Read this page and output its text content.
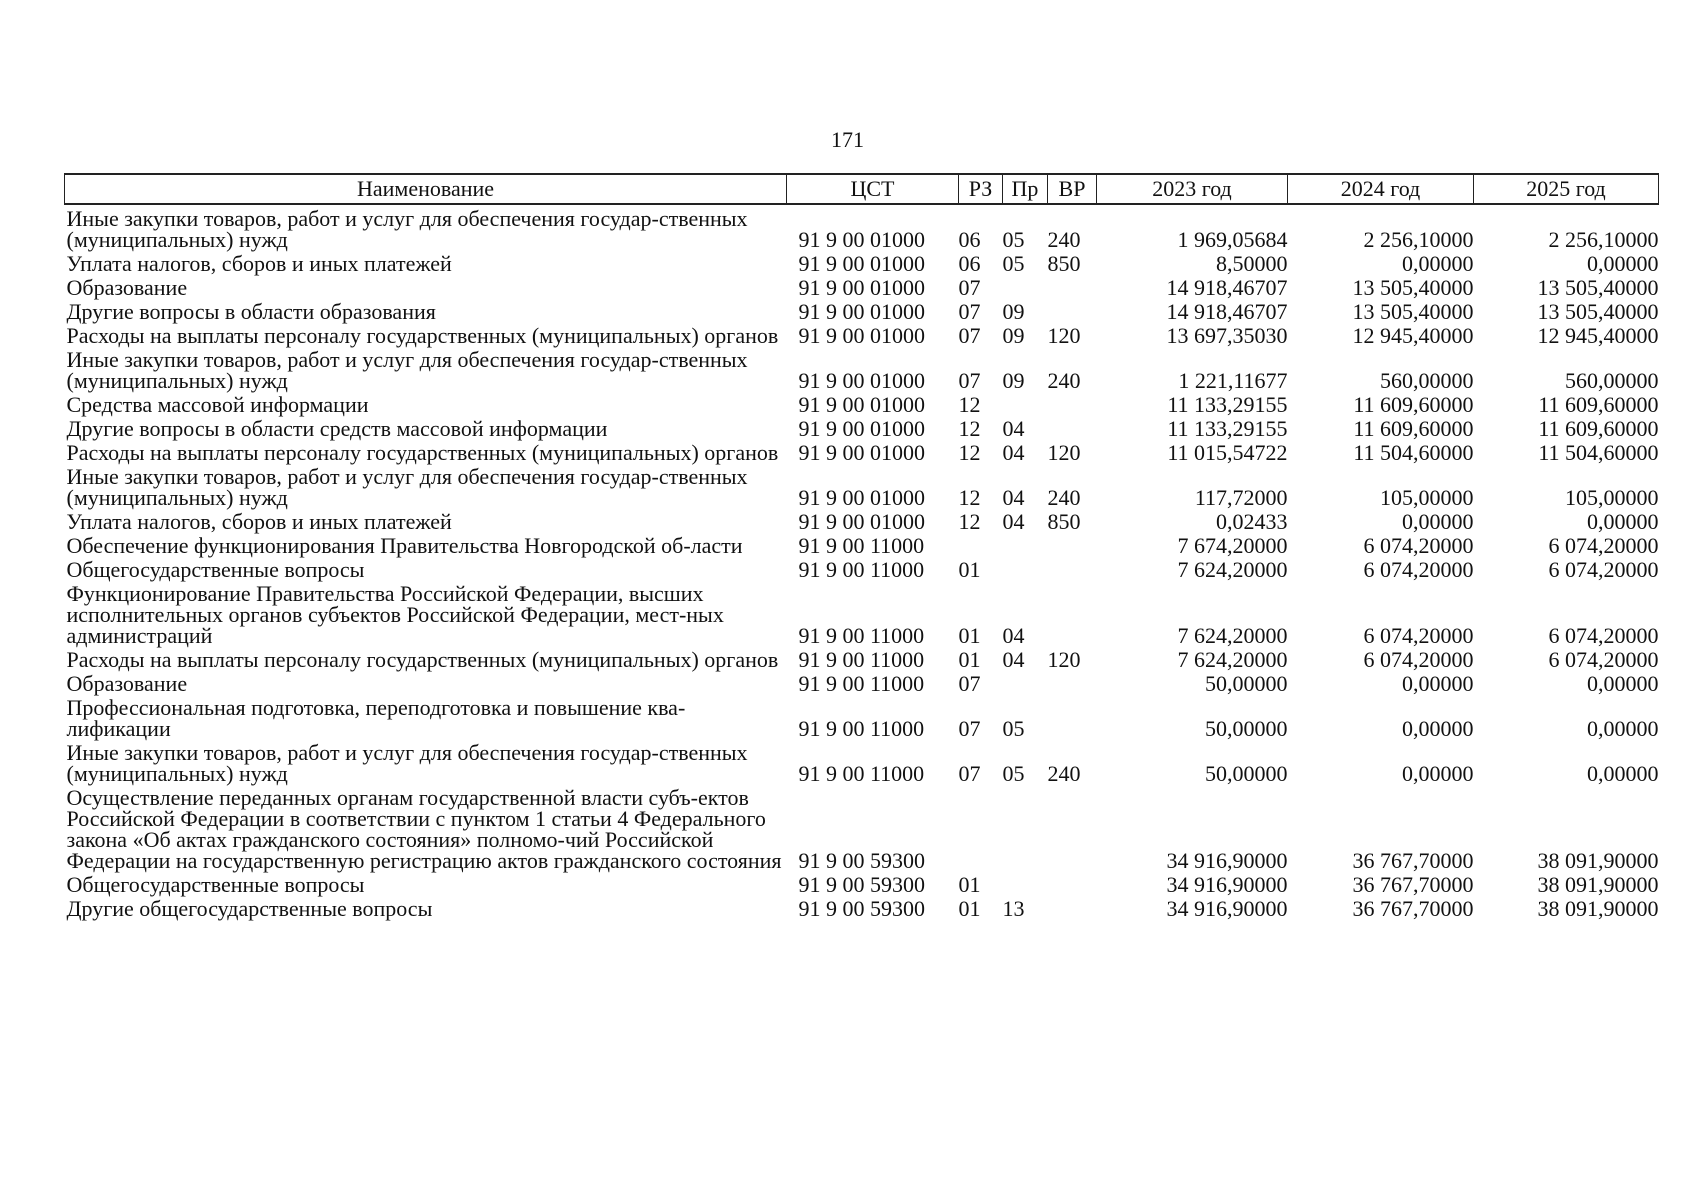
171
Наименование	ЦСТ	РЗ	Пр	ВР	2023 год	2024 год	2025 год
Иные закупки товаров, работ и услуг для обеспечения государ-ственных (муниципальных) нужд	91 9 00 01000	06	05	240	1 969,05684	2 256,10000	2 256,10000
Уплата налогов, сборов и иных платежей	91 9 00 01000	06	05	850	8,50000	0,00000	0,00000
Образование	91 9 00 01000	07			14 918,46707	13 505,40000	13 505,40000
Другие вопросы в области образования	91 9 00 01000	07	09		14 918,46707	13 505,40000	13 505,40000
Расходы на выплаты персоналу государственных (муниципальных) органов	91 9 00 01000	07	09	120	13 697,35030	12 945,40000	12 945,40000
Иные закупки товаров, работ и услуг для обеспечения государ-ственных (муниципальных) нужд	91 9 00 01000	07	09	240	1 221,11677	560,00000	560,00000
Средства массовой информации	91 9 00 01000	12			11 133,29155	11 609,60000	11 609,60000
Другие вопросы в области средств массовой информации	91 9 00 01000	12	04		11 133,29155	11 609,60000	11 609,60000
Расходы на выплаты персоналу государственных (муниципальных) органов	91 9 00 01000	12	04	120	11 015,54722	11 504,60000	11 504,60000
Иные закупки товаров, работ и услуг для обеспечения государ-ственных (муниципальных) нужд	91 9 00 01000	12	04	240	117,72000	105,00000	105,00000
Уплата налогов, сборов и иных платежей	91 9 00 01000	12	04	850	0,02433	0,00000	0,00000
Обеспечение функционирования Правительства Новгородской об-ласти	91 9 00 11000				7 674,20000	6 074,20000	6 074,20000
Общегосударственные вопросы	91 9 00 11000	01			7 624,20000	6 074,20000	6 074,20000
Функционирование Правительства Российской Федерации, высших исполнительных органов субъектов Российской Федерации, мест-ных администраций	91 9 00 11000	01	04		7 624,20000	6 074,20000	6 074,20000
Расходы на выплаты персоналу государственных (муниципальных) органов	91 9 00 11000	01	04	120	7 624,20000	6 074,20000	6 074,20000
Образование	91 9 00 11000	07			50,00000	0,00000	0,00000
Профессиональная подготовка, переподготовка и повышение ква-лификации	91 9 00 11000	07	05		50,00000	0,00000	0,00000
Иные закупки товаров, работ и услуг для обеспечения государ-ственных (муниципальных) нужд	91 9 00 11000	07	05	240	50,00000	0,00000	0,00000
Осуществление переданных органам государственной власти субъ-ектов Российской Федерации в соответствии с пунктом 1 статьи 4 Федерального закона «Об актах гражданского состояния» полномо-чий Российской Федерации на государственную регистрацию актов гражданского состояния	91 9 00 59300				34 916,90000	36 767,70000	38 091,90000
Общегосударственные вопросы	91 9 00 59300	01			34 916,90000	36 767,70000	38 091,90000
Другие общегосударственные вопросы	91 9 00 59300	01	13		34 916,90000	36 767,70000	38 091,90000
